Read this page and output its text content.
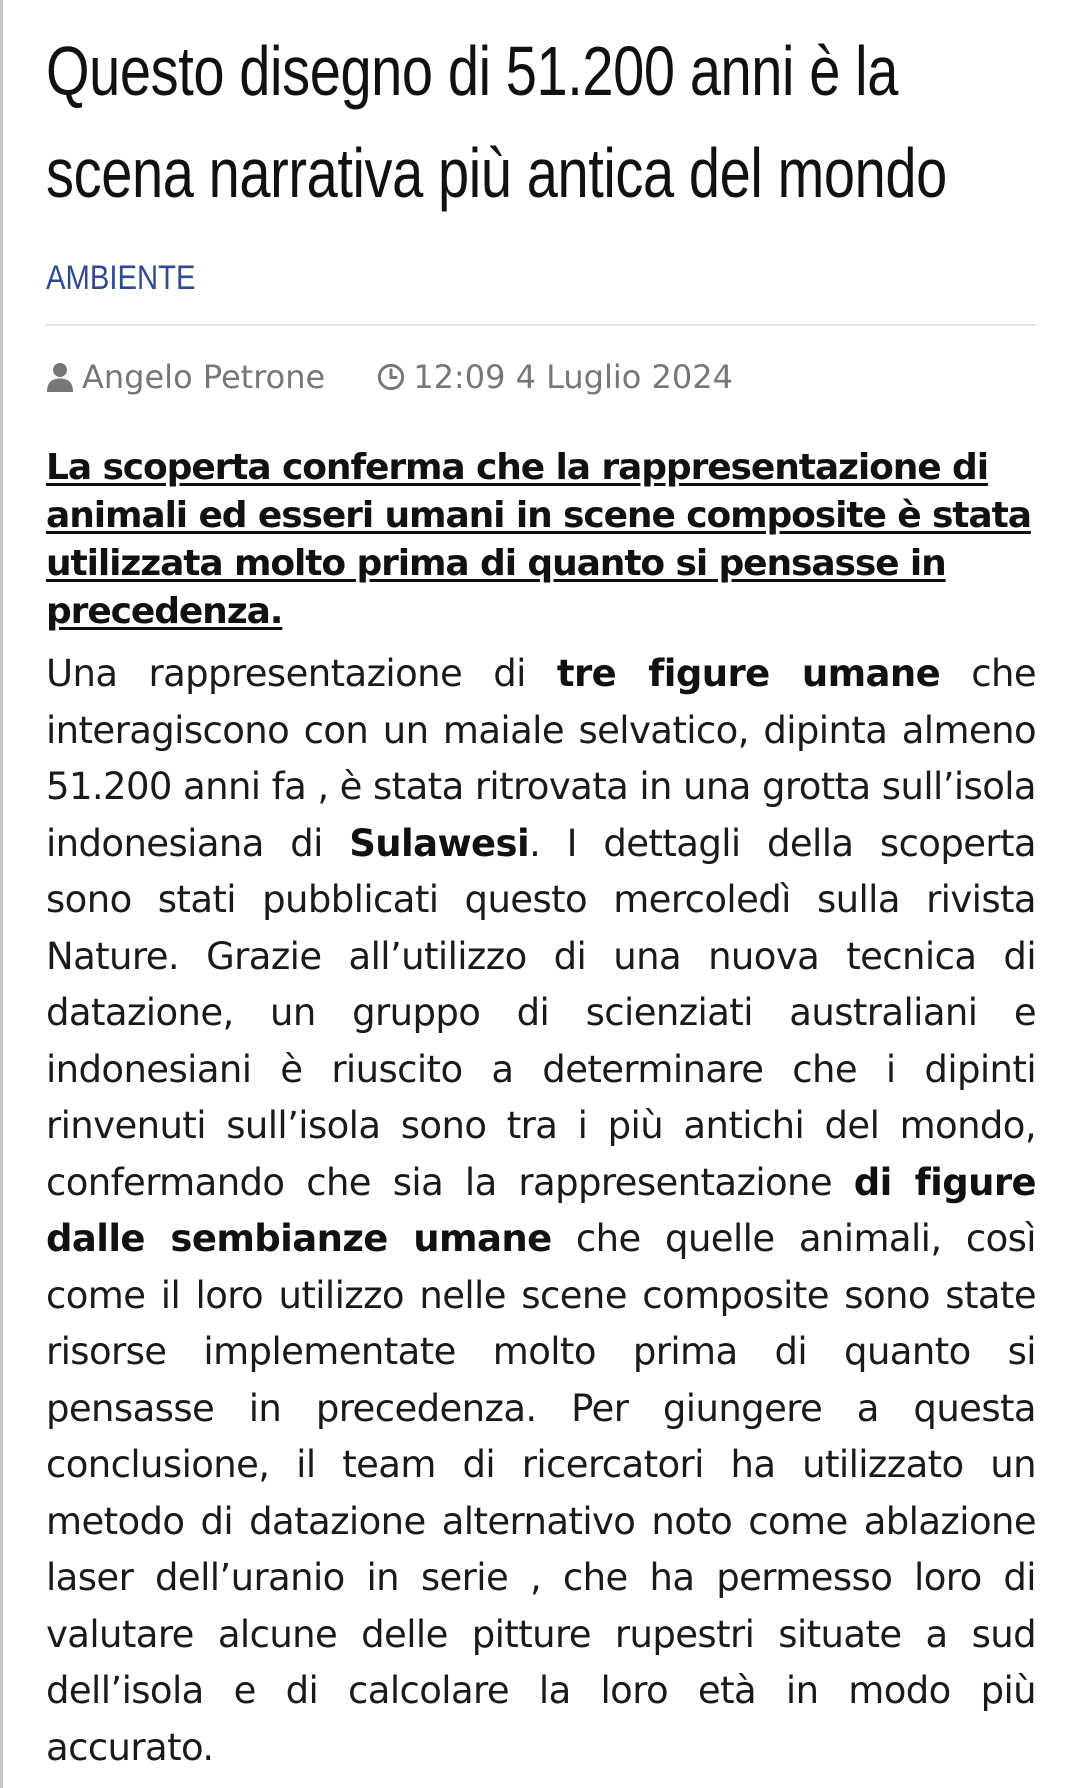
Questo disegno di 51.200 anni è la scena narrativa più antica del mondo
AMBIENTE
Angelo Petrone	12:09 4 Luglio 2024

La scoperta conferma che la rappresentazione di animali ed esseri umani in scene composite è stata utilizzata molto prima di quanto si pensasse in precedenza.

Una rappresentazione di tre figure umane che interagiscono con un maiale selvatico, dipinta almeno 51.200 anni fa , è stata ritrovata in una grotta sull’isola indonesiana di Sulawesi. I dettagli della scoperta sono stati pubblicati questo mercoledì sulla rivista Nature. Grazie all’utilizzo di una nuova tecnica di datazione, un gruppo di scienziati australiani e indonesiani è riuscito a determinare che i dipinti rinvenuti sull’isola sono tra i più antichi del mondo, confermando che sia la rappresentazione di figure dalle sembianze umane che quelle animali, così come il loro utilizzo nelle scene composite sono state risorse implementate molto prima di quanto si pensasse in precedenza. Per giungere a questa conclusione, il team di ricercatori ha utilizzato un metodo di datazione alternativo noto come ablazione laser dell’uranio in serie , che ha permesso loro di valutare alcune delle pitture rupestri situate a sud dell’isola e di calcolare la loro età in modo più accurato.
